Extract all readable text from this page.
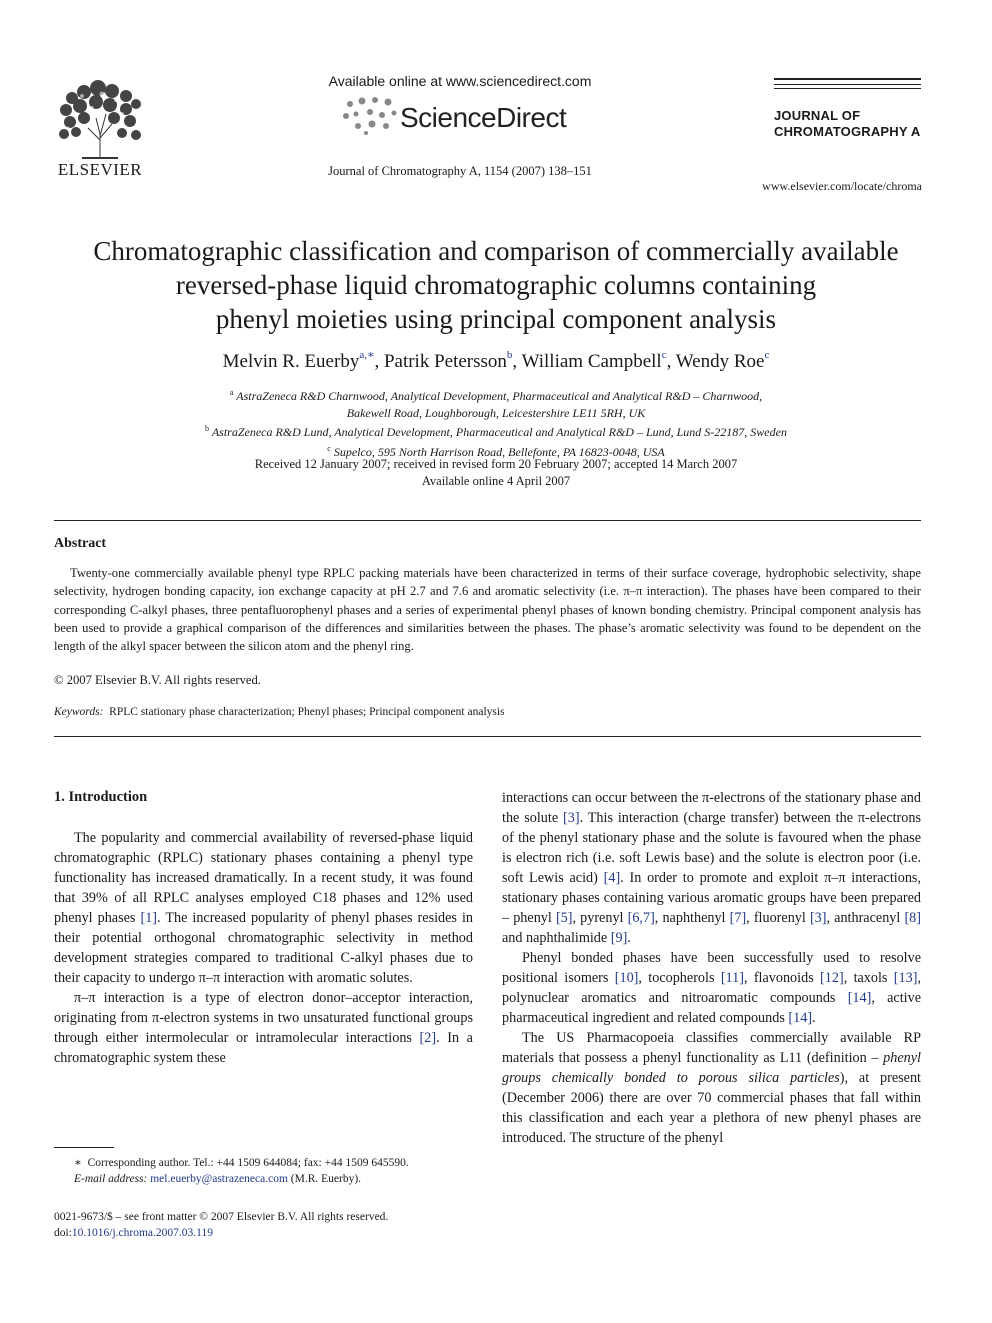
ELSEVIER
Available online at www.sciencedirect.com
ScienceDirect
Journal of Chromatography A, 1154 (2007) 138–151
JOURNAL OF
CHROMATOGRAPHY A
www.elsevier.com/locate/chroma
Chromatographic classification and comparison of commercially available
reversed-phase liquid chromatographic columns containing
phenyl moieties using principal component analysis
Melvin R. Euerby$^{a,∗}$, Patrik Petersson$^b$, William Campbell$^c$, Wendy Roe$^c$
$^a$ AstraZeneca R&D Charnwood, Analytical Development, Pharmaceutical and Analytical R&D – Charnwood,
Bakewell Road, Loughborough, Leicestershire LE11 5RH, UK
$^b$ AstraZeneca R&D Lund, Analytical Development, Pharmaceutical and Analytical R&D – Lund, Lund S-22187, Sweden
$^c$ Supelco, 595 North Harrison Road, Bellefonte, PA 16823-0048, USA
Received 12 January 2007; received in revised form 20 February 2007; accepted 14 March 2007
Available online 4 April 2007
Abstract

Twenty-one commercially available phenyl type RPLC packing materials have been characterized in terms of their surface coverage, hydrophobic selectivity, shape selectivity, hydrogen bonding capacity, ion exchange capacity at pH 2.7 and 7.6 and aromatic selectivity (i.e. π–π interaction). The phases have been compared to their corresponding C-alkyl phases, three pentafluorophenyl phases and a series of experimental phenyl phases of known bonding chemistry. Principal component analysis has been used to provide a graphical comparison of the differences and similarities between the phases. The phase’s aromatic selectivity was found to be dependent on the length of the alkyl spacer between the silicon atom and the phenyl ring.

© 2007 Elsevier B.V. All rights reserved.
Keywords: RPLC stationary phase characterization; Phenyl phases; Principal component analysis
1. Introduction

The popularity and commercial availability of reversed-phase liquid chromatographic (RPLC) stationary phases containing a phenyl type functionality has increased dramatically. In a recent study, it was found that 39% of all RPLC analyses employed C18 phases and 12% used phenyl phases [1]. The increased popularity of phenyl phases resides in their potential orthogonal chromatographic selectivity in method development strategies compared to traditional C-alkyl phases due to their capacity to undergo π–π interaction with aromatic solutes.

π–π interaction is a type of electron donor–acceptor interaction, originating from π-electron systems in two unsaturated functional groups through either intermolecular or intramolecular interactions [2]. In a chromatographic system these

interactions can occur between the π-electrons of the stationary phase and the solute [3]. This interaction (charge transfer) between the π-electrons of the phenyl stationary phase and the solute is favoured when the phase is electron rich (i.e. soft Lewis base) and the solute is electron poor (i.e. soft Lewis acid) [4]. In order to promote and exploit π–π interactions, stationary phases containing various aromatic groups have been prepared – phenyl [5], pyrenyl [6,7], naphthenyl [7], fluorenyl [3], anthracenyl [8] and naphthalimide [9].

Phenyl bonded phases have been successfully used to resolve positional isomers [10], tocopherols [11], flavonoids [12], taxols [13], polynuclear aromatics and nitroaromatic compounds [14], active pharmaceutical ingredient and related compounds [14].

The US Pharmacopoeia classifies commercially available RP materials that possess a phenyl functionality as L11 (definition – phenyl groups chemically bonded to porous silica particles), at present (December 2006) there are over 70 commercial phases that fall within this classification and each year a plethora of new phenyl phases are introduced. The structure of the phenyl

∗ Corresponding author. Tel.: +44 1509 644084; fax: +44 1509 645590.
E-mail address: mel.euerby@astrazeneca.com (M.R. Euerby).
0021-9673/$ – see front matter © 2007 Elsevier B.V. All rights reserved.
doi:10.1016/j.chroma.2007.03.119
